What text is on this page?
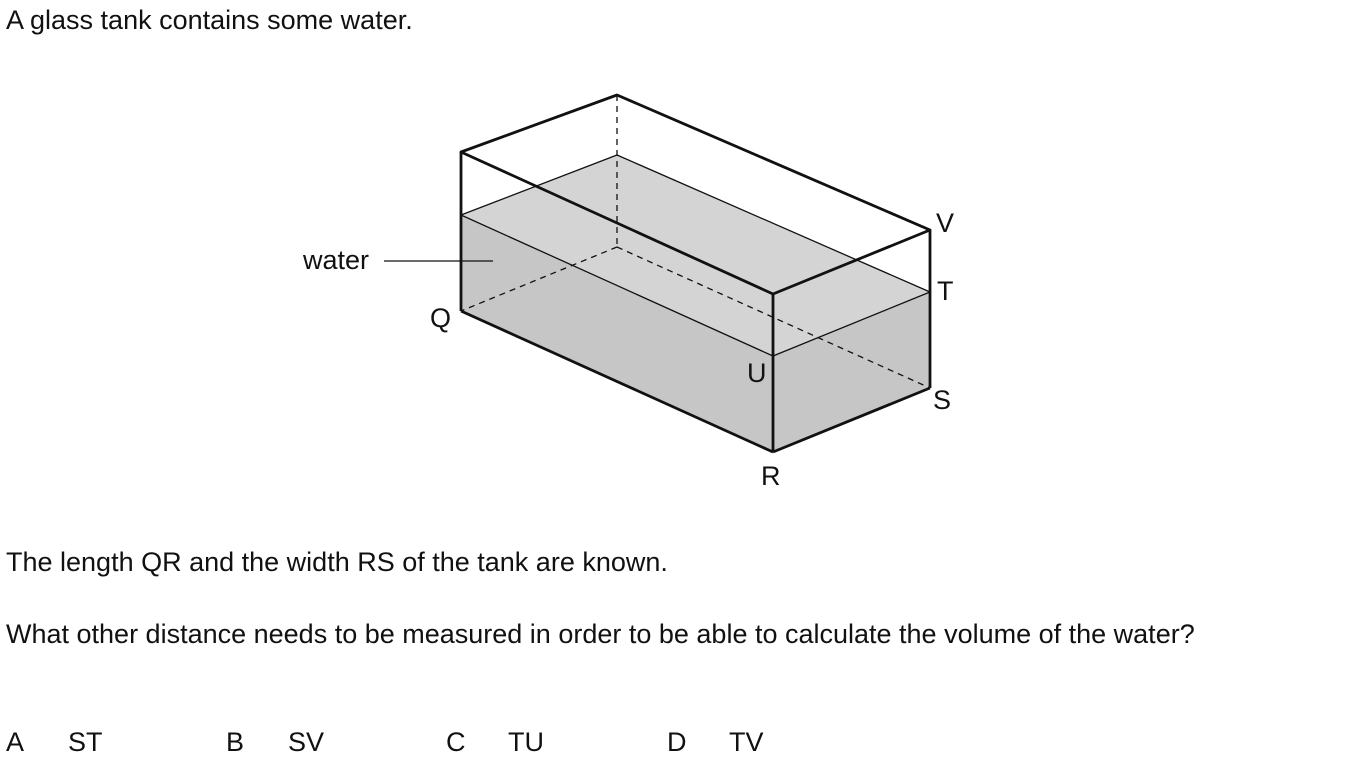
A glass tank contains some water.

water
Q
U
R
S
T
V

The length QR and the width RS of the tank are known.

What other distance needs to be measured in order to be able to calculate the volume of the water?

A ST	B SV	C TU	D TV
